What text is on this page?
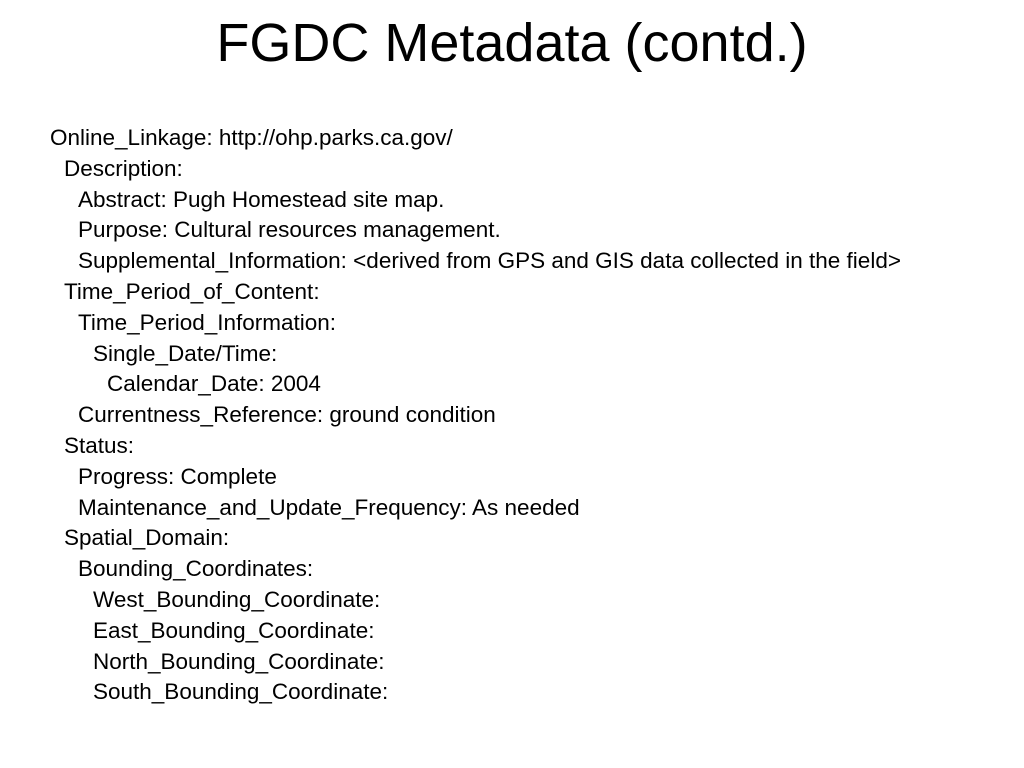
FGDC Metadata (contd.)
Online_Linkage: http://ohp.parks.ca.gov/
Description:
Abstract: Pugh Homestead site map.
Purpose: Cultural resources management.
Supplemental_Information: <derived from GPS and GIS data collected in the field>
Time_Period_of_Content:
Time_Period_Information:
Single_Date/Time:
Calendar_Date: 2004
Currentness_Reference: ground condition
Status:
Progress: Complete
Maintenance_and_Update_Frequency: As needed
Spatial_Domain:
Bounding_Coordinates:
West_Bounding_Coordinate:
East_Bounding_Coordinate:
North_Bounding_Coordinate:
South_Bounding_Coordinate:
